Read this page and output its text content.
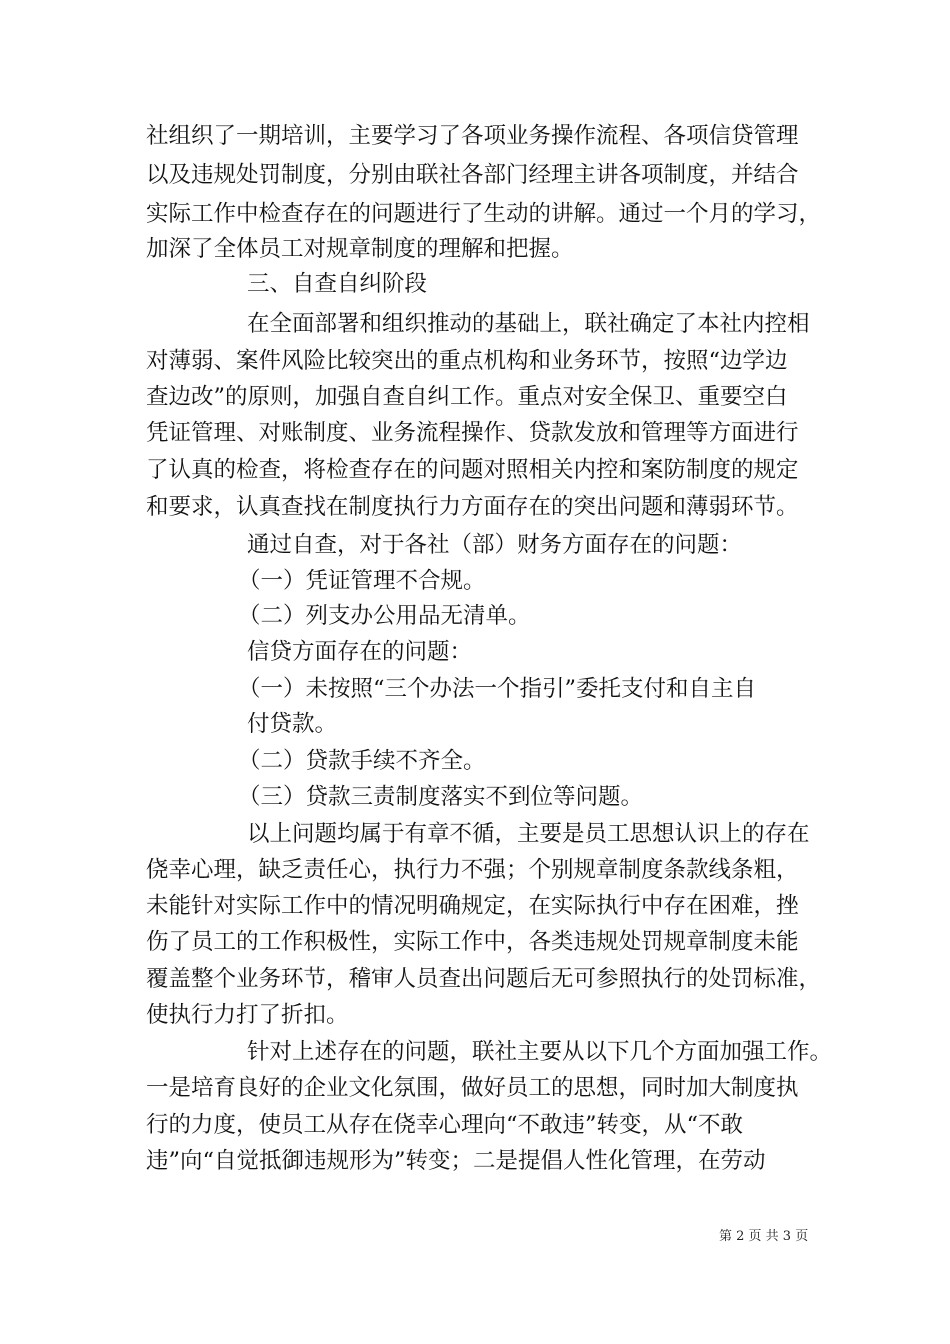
社组织了一期培训，主要学习了各项业务操作流程、各项信贷管理
以及违规处罚制度，分别由联社各部门经理主讲各项制度，并结合
实际工作中检查存在的问题进行了生动的讲解。通过一个月的学习，
加深了全体员工对规章制度的理解和把握。
三、自查自纠阶段
在全面部署和组织推动的基础上，联社确定了本社内控相
对薄弱、案件风险比较突出的重点机构和业务环节，按照“边学边
查边改”的原则，加强自查自纠工作。重点对安全保卫、重要空白
凭证管理、对账制度、业务流程操作、贷款发放和管理等方面进行
了认真的检查，将检查存在的问题对照相关内控和案防制度的规定
和要求，认真查找在制度执行力方面存在的突出问题和薄弱环节。
通过自查，对于各社（部）财务方面存在的问题：
（一）凭证管理不合规。
（二）列支办公用品无清单。
信贷方面存在的问题：
（一）未按照“三个办法一个指引”委托支付和自主自
付贷款。
（二）贷款手续不齐全。
（三）贷款三责制度落实不到位等问题。
以上问题均属于有章不循，主要是员工思想认识上的存在
侥幸心理，缺乏责任心，执行力不强；个别规章制度条款线条粗，
未能针对实际工作中的情况明确规定，在实际执行中存在困难，挫
伤了员工的工作积极性，实际工作中，各类违规处罚规章制度未能
覆盖整个业务环节，稽审人员查出问题后无可参照执行的处罚标准，
使执行力打了折扣。
针对上述存在的问题，联社主要从以下几个方面加强工作。
一是培育良好的企业文化氛围，做好员工的思想，同时加大制度执
行的力度，使员工从存在侥幸心理向“不敢违”转变，从“不敢
违”向“自觉抵御违规形为”转变；二是提倡人性化管理，在劳动
第 2 页 共 3 页
